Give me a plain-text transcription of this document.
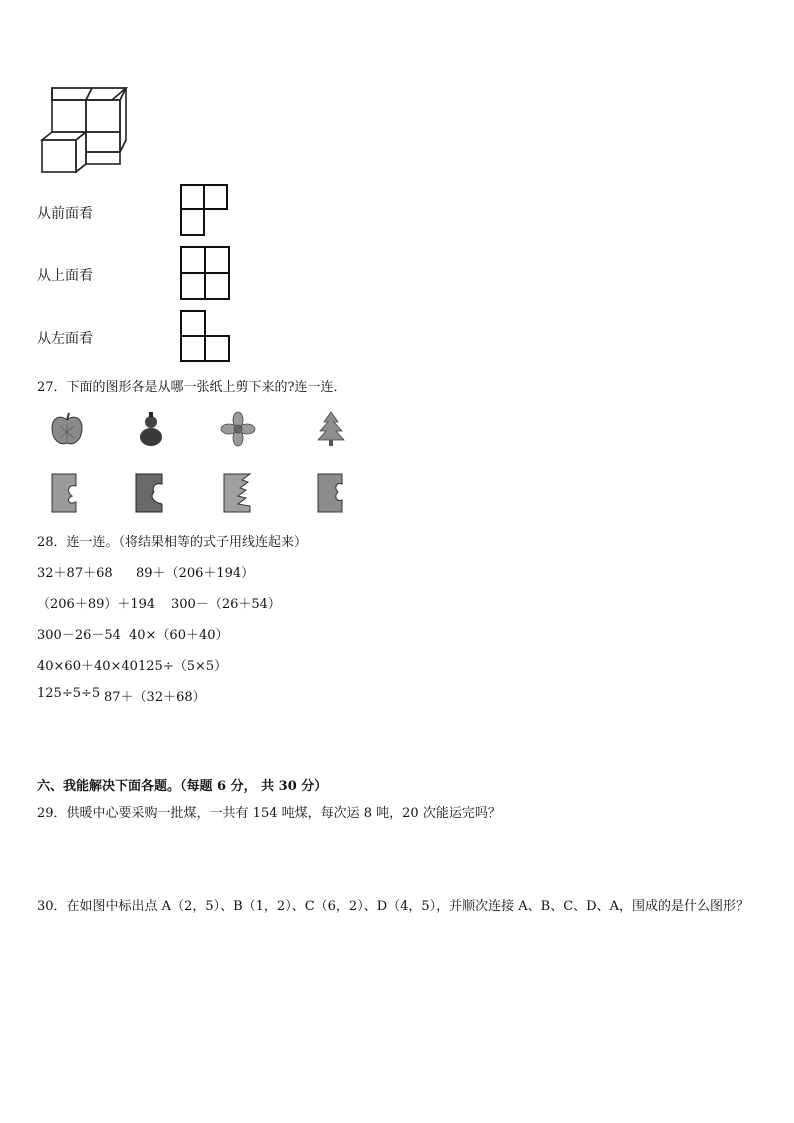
从前面看
从上面看
从左面看
27．下面的图形各是从哪一张纸上剪下来的?连一连．
28．连一连。（将结果相等的式子用线连起来）
32＋87＋68 89＋（206＋194）
（206＋89）＋194 300－（26＋54）
300－26－54 40×（60＋40）
40×60＋40×40 125÷（5×5）
125÷5÷5 87＋（32＋68）
六、我能解决下面各题。（每题 6 分， 共 30 分）
29．供暖中心要采购一批煤，一共有 154 吨煤，每次运 8 吨，20 次能运完吗？
30．在如图中标出点 A（2，5）、B（1，2）、C（6，2）、D（4，5），并顺次连接 A、B、C、D、A，围成的是什么图形？
